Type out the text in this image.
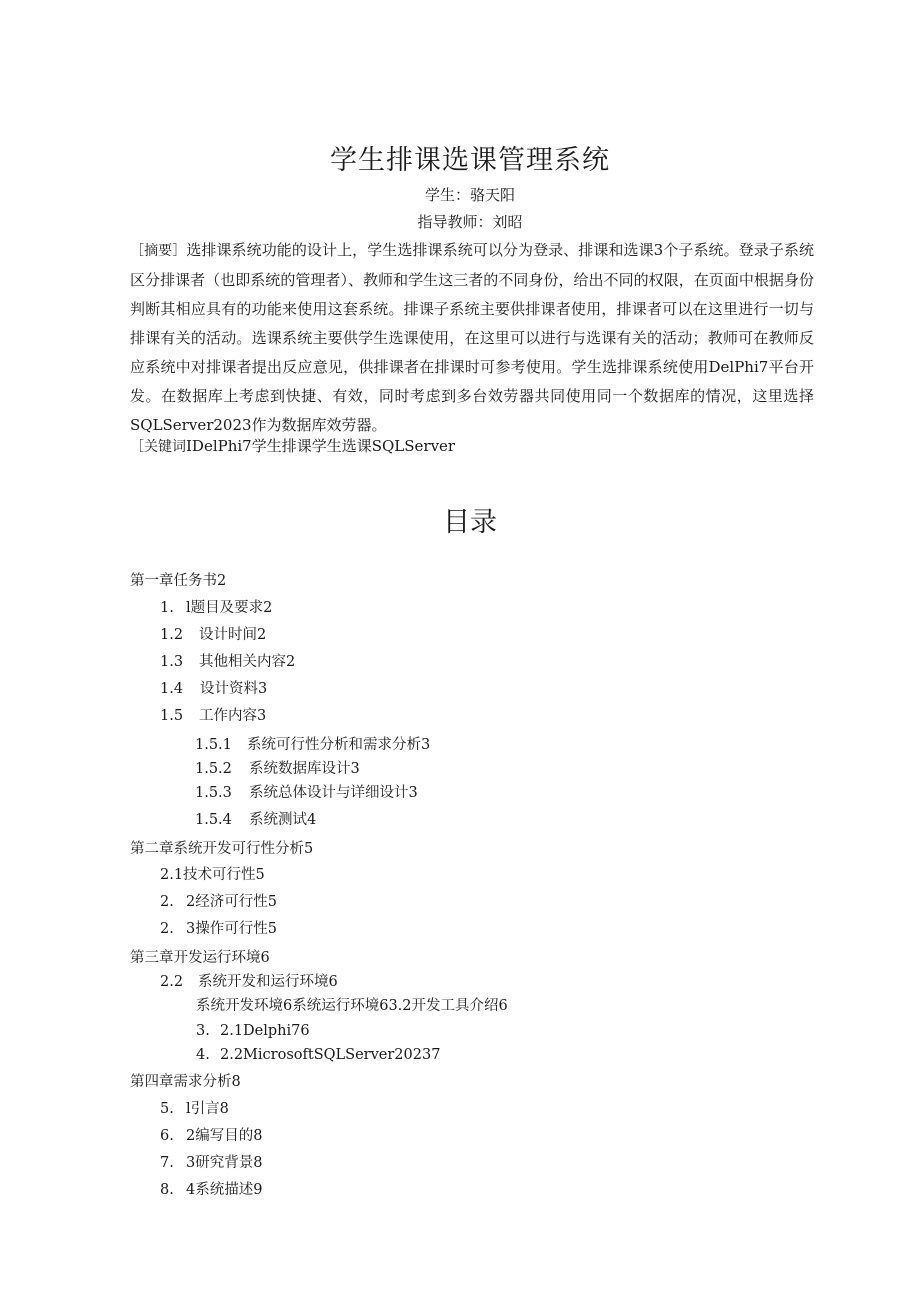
学生排课选课管理系统
学生：骆天阳
指导教师：刘昭
［摘要］选排课系统功能的设计上，学生选排课系统可以分为登录、排课和选课3个子系统。登录子系统区分排课者（也即系统的管理者）、教师和学生这三者的不同身份，给出不同的权限，在页面中根据身份判断其相应具有的功能来使用这套系统。排课子系统主要供排课者使用，排课者可以在这里进行一切与排课有关的活动。选课系统主要供学生选课使用，在这里可以进行与选课有关的活动；教师可在教师反应系统中对排课者提出反应意见，供排课者在排课时可参考使用。学生选排课系统使用DelPhi7平台开发。在数据库上考虑到快捷、有效，同时考虑到多台效劳器共同使用同一个数据库的情况，这里选择SQLServer2023作为数据库效劳器。
［关键词IDelPhi7学生排课学生选课SQLServer
目录
第一章任务书2
1. l题目及要求2
1.2 设计时间2
1.3 其他相关内容2
1.4 设计资料3
1.5 工作内容3
1.5.1 系统可行性分析和需求分析3
1.5.2 系统数据库设计3
1.5.3 系统总体设计与详细设计3
1.5.4 系统测试4
第二章系统开发可行性分析5
2.1技术可行性5
2. 2经济可行性5
2. 3操作可行性5
第三章开发运行环境6
2.2 系统开发和运行环境6
系统开发环境6系统运行环境63.2开发工具介绍6
3. 2.1Delphi76
4. 2.2MicrosoftSQLServer20237
第四章需求分析8
5. l引言8
6. 2编写目的8
7. 3研究背景8
8. 4系统描述9
